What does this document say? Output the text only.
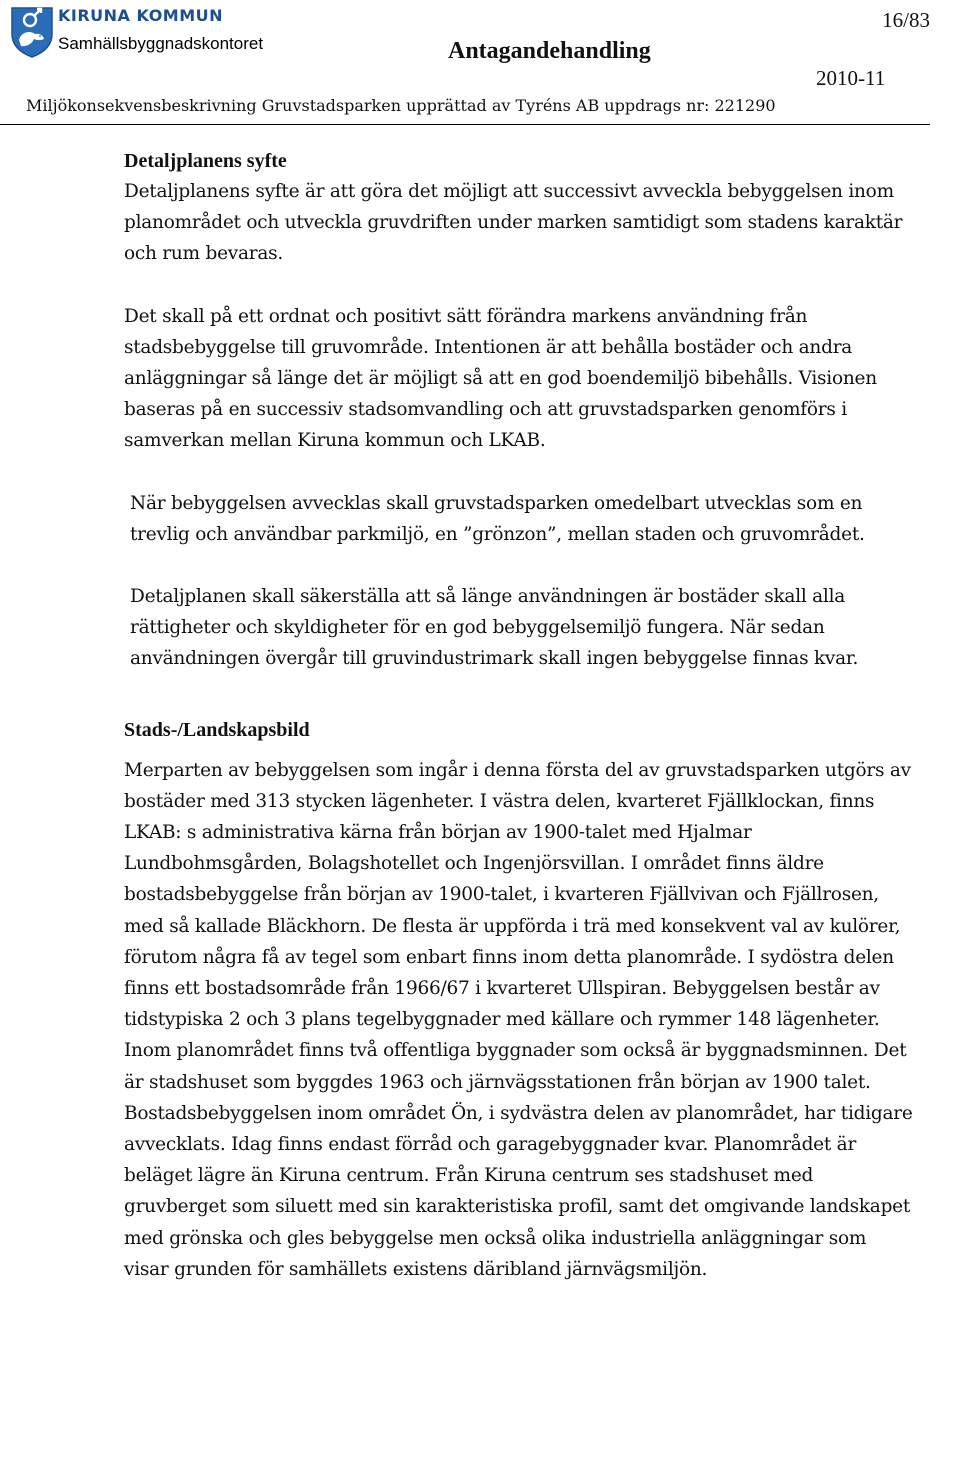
KIRUNA KOMMUN
Samhällsbyggnadskontoret	Antagandehandling
16/83
2010-11
Miljökonsekvensbeskrivning Gruvstadsparken upprättad av Tyréns AB uppdrags nr: 221290
Detaljplanens syfte

Detaljplanens syfte är att göra det möjligt att successivt avveckla bebyggelsen inom planområdet och utveckla gruvdriften under marken samtidigt som stadens karaktär och rum bevaras.

Det skall på ett ordnat och positivt sätt förändra markens användning från stadsbebyggelse till gruvområde. Intentionen är att behålla bostäder och andra anläggningar så länge det är möjligt så att en god boendemiljö bibehålls. Visionen baseras på en successiv stadsomvandling och att gruvstadsparken genomförs i samverkan mellan Kiruna kommun och LKAB.

När bebyggelsen avvecklas skall gruvstadsparken omedelbart utvecklas som en trevlig och användbar parkmiljö, en ”grönzon”, mellan staden och gruvområdet.

Detaljplanen skall säkerställa att så länge användningen är bostäder skall alla rättigheter och skyldigheter för en god bebyggelsemiljö fungera. När sedan användningen övergår till gruvindustrimark skall ingen bebyggelse finnas kvar.

Stads-/Landskapsbild

Merparten av bebyggelsen som ingår i denna första del av gruvstadsparken utgörs av bostäder med 313 stycken lägenheter. I västra delen, kvarteret Fjällklockan, finns LKAB: s administrativa kärna från början av 1900-talet med Hjalmar Lundbohmsgården, Bolagshotellet och Ingenjörsvillan. I området finns äldre bostadsbebyggelse från början av 1900-talet, i kvarteren Fjällvivan och Fjällrosen, med så kallade Bläckhorn. De flesta är uppförda i trä med konsekvent val av kulörer, förutom några få av tegel som enbart finns inom detta planområde. I sydöstra delen finns ett bostadsområde från 1966/67 i kvarteret Ullspiran. Bebyggelsen består av tidstypiska 2 och 3 plans tegelbyggnader med källare och rymmer 148 lägenheter. Inom planområdet finns två offentliga byggnader som också är byggnadsminnen. Det är stadshuset som byggdes 1963 och järnvägsstationen från början av 1900 talet. Bostadsbebyggelsen inom området Ön, i sydvästra delen av planområdet, har tidigare avvecklats. Idag finns endast förråd och garagebyggnader kvar. Planområdet är beläget lägre än Kiruna centrum. Från Kiruna centrum ses stadshuset med gruvberget som siluett med sin karakteristiska profil, samt det omgivande landskapet med grönska och gles bebyggelse men också olika industriella anläggningar som visar grunden för samhällets existens däribland järnvägsmiljön.
